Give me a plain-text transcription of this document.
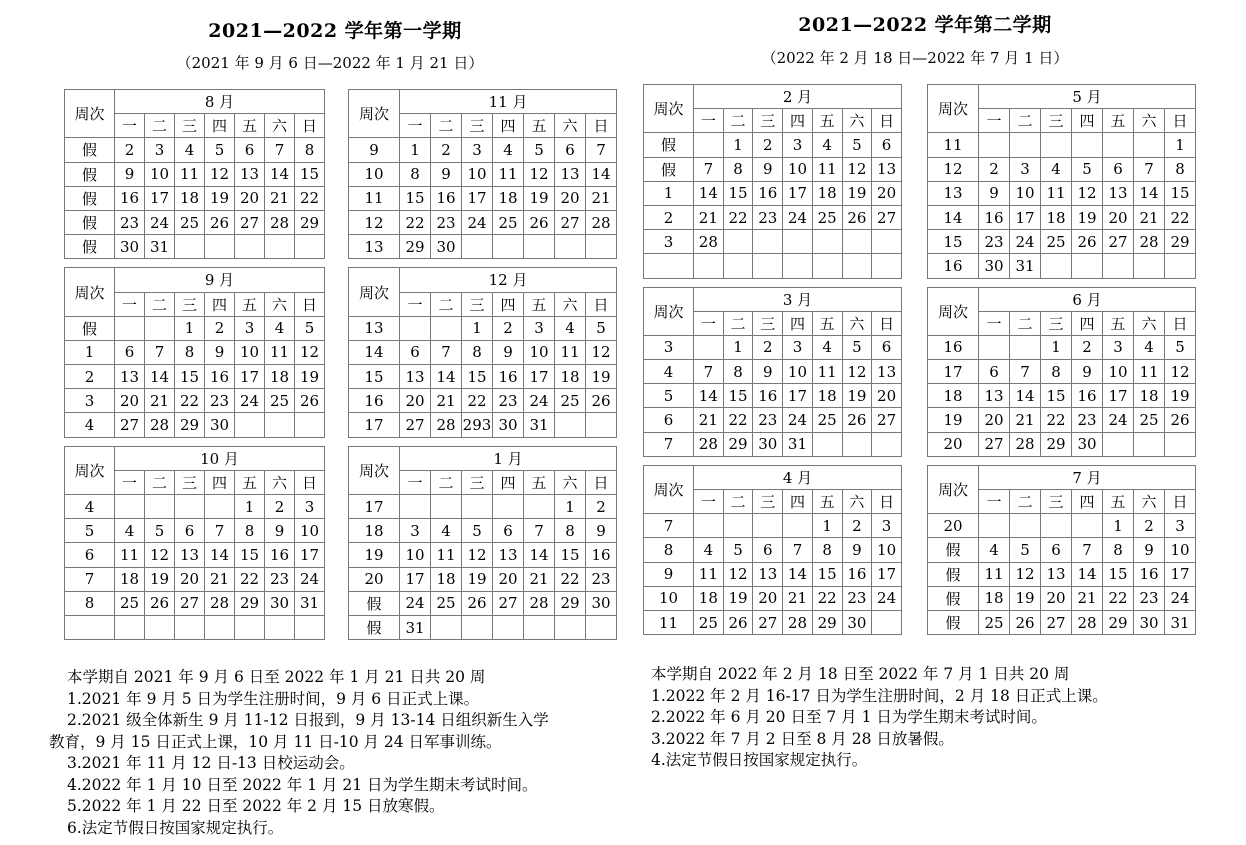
2021—2022 学年第一学期
（2021 年 9 月 6 日—2022 年 1 月 21 日）
周次	8 月						
	一	二	三	四	五	六	日
假	2	3	4	5	6	7	8
假	9	10	11	12	13	14	15
假	16	17	18	19	20	21	22
假	23	24	25	26	27	28	29
假	30	31					

周次	9 月						
	一	二	三	四	五	六	日
假			1	2	3	4	5
1	6	7	8	9	10	11	12
2	13	14	15	16	17	18	19
3	20	21	22	23	24	25	26
4	27	28	29	30			

周次	10 月						
	一	二	三	四	五	六	日
4					1	2	3
5	4	5	6	7	8	9	10
6	11	12	13	14	15	16	17
7	18	19	20	21	22	23	24
8	25	26	27	28	29	30	31

周次	11 月						
	一	二	三	四	五	六	日
9	1	2	3	4	5	6	7
10	8	9	10	11	12	13	14
11	15	16	17	18	19	20	21
12	22	23	24	25	26	27	28
13	29	30					

周次	12 月						
	一	二	三	四	五	六	日
13			1	2	3	4	5
14	6	7	8	9	10	11	12
15	13	14	15	16	17	18	19
16	20	21	22	23	24	25	26
17	27	28	293	30	31		

周次	1 月						
	一	二	三	四	五	六	日
17						1	2
18	3	4	5	6	7	8	9
19	10	11	12	13	14	15	16
20	17	18	19	20	21	22	23
假	24	25	26	27	28	29	30
假	31						
本学期自 2021 年 9 月 6 日至 2022 年 1 月 21 日共 20 周
1.2021 年 9 月 5 日为学生注册时间，9 月 6 日正式上课。
2.2021 级全体新生 9 月 11-12 日报到，9 月 13-14 日组织新生入学
教育，9 月 15 日正式上课，10 月 11 日-10 月 24 日军事训练。
3.2021 年 11 月 12 日-13 日校运动会。
4.2022 年 1 月 10 日至 2022 年 1 月 21 日为学生期末考试时间。
5.2022 年 1 月 22 日至 2022 年 2 月 15 日放寒假。
6.法定节假日按国家规定执行。
2021—2022 学年第二学期
（2022 年 2 月 18 日—2022 年 7 月 1 日）
周次	2 月						
	一	二	三	四	五	六	日
假		1	2	3	4	5	6
假	7	8	9	10	11	12	13
1	14	15	16	17	18	19	20
2	21	22	23	24	25	26	27
3	28						

周次	3 月						
	一	二	三	四	五	六	日
3		1	2	3	4	5	6
4	7	8	9	10	11	12	13
5	14	15	16	17	18	19	20
6	21	22	23	24	25	26	27
7	28	29	30	31			

周次	4 月						
	一	二	三	四	五	六	日
7					1	2	3
8	4	5	6	7	8	9	10
9	11	12	13	14	15	16	17
10	18	19	20	21	22	23	24
11	25	26	27	28	29	30	
周次	5 月						
	一	二	三	四	五	六	日
11							1
12	2	3	4	5	6	7	8
13	9	10	11	12	13	14	15
14	16	17	18	19	20	21	22
15	23	24	25	26	27	28	29
16	30	31					

周次	6 月						
	一	二	三	四	五	六	日
16			1	2	3	4	5
17	6	7	8	9	10	11	12
18	13	14	15	16	17	18	19
19	20	21	22	23	24	25	26
20	27	28	29	30			

周次	7 月						
	一	二	三	四	五	六	日
20					1	2	3
假	4	5	6	7	8	9	10
假	11	12	13	14	15	16	17
假	18	19	20	21	22	23	24
假	25	26	27	28	29	30	31
本学期自 2022 年 2 月 18 日至 2022 年 7 月 1 日共 20 周
1.2022 年 2 月 16-17 日为学生注册时间，2 月 18 日正式上课。
2.2022 年 6 月 20 日至 7 月 1 日为学生期末考试时间。
3.2022 年 7 月 2 日至 8 月 28 日放暑假。
4.法定节假日按国家规定执行。
